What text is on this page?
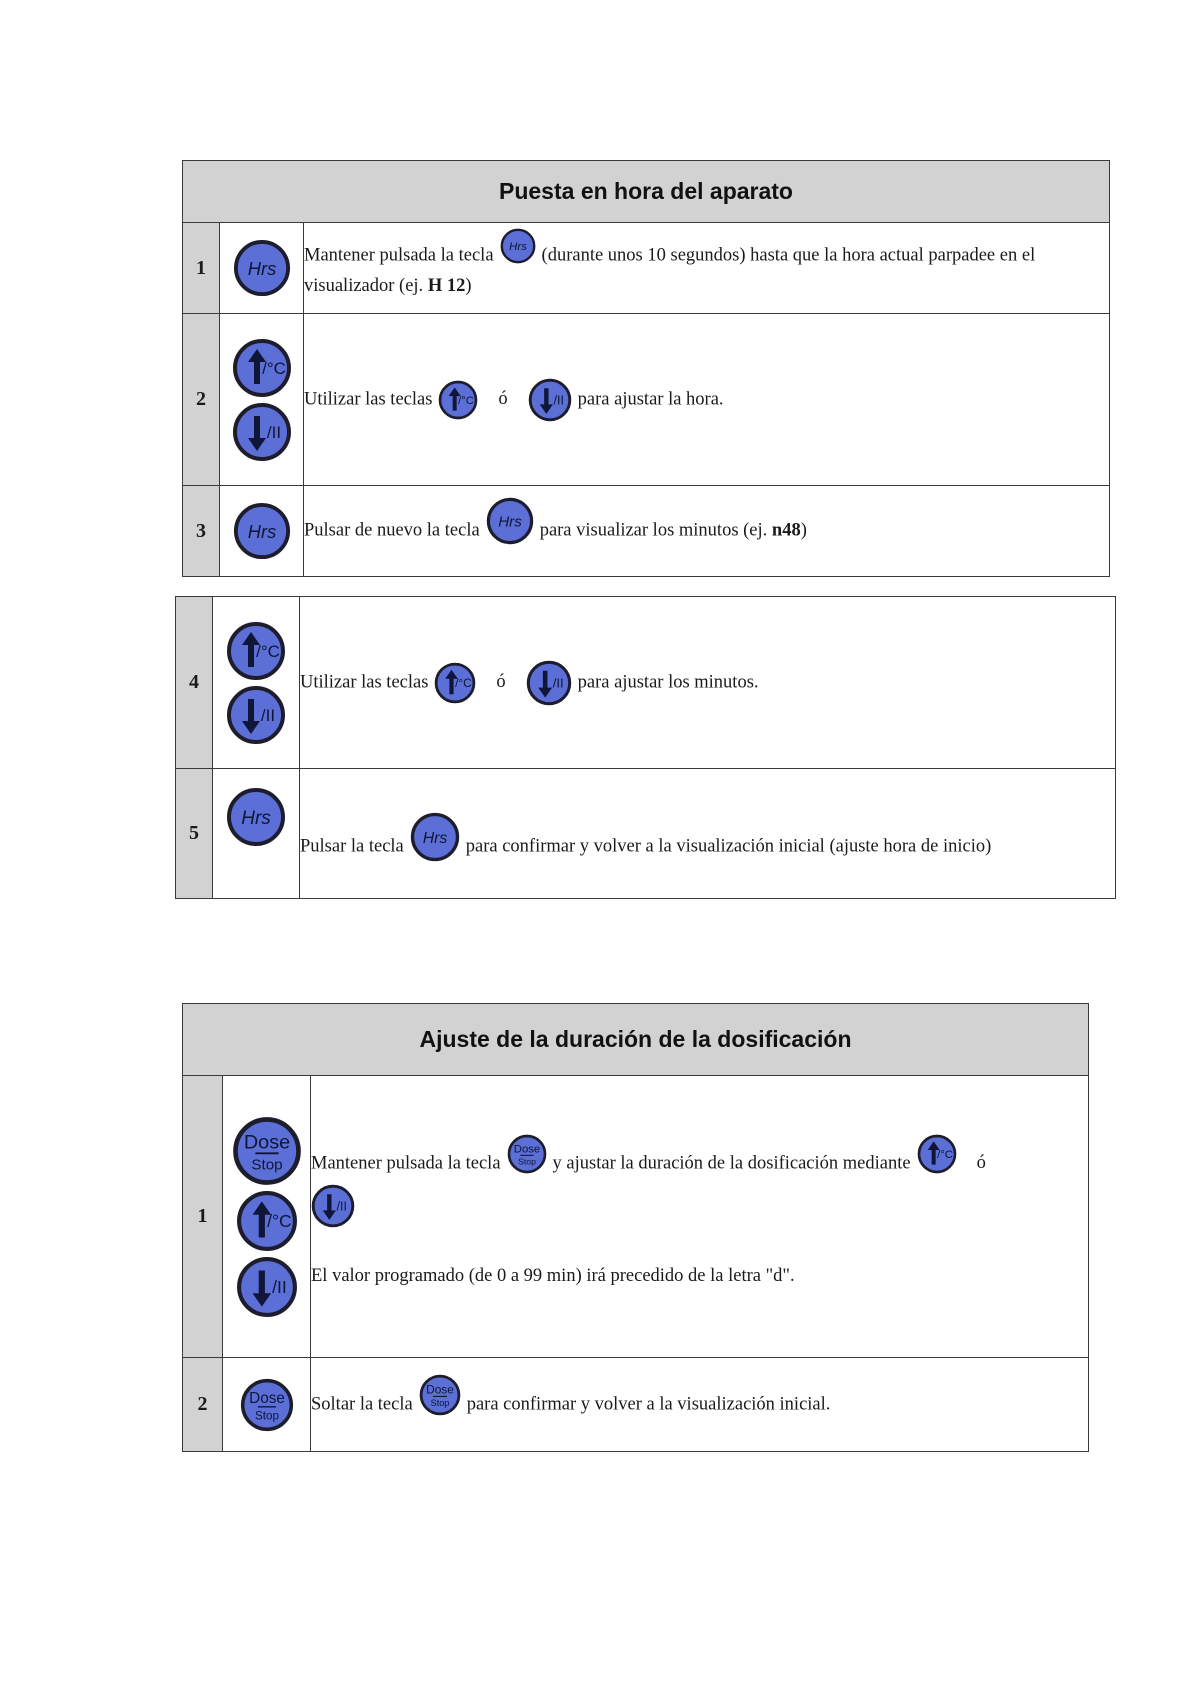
Puesta en hora del aparato		
1		Mantener pulsada la tecla (durante unos 10 segundos) hasta que la hora actual parpadee en el visualizador (ej. H 12)
2		Utilizar las teclas ó para ajustar la hora.
3		Pulsar de nuevo la tecla para visualizar los minutos (ej. n48)
4		Utilizar las teclas ó para ajustar los minutos.
5		Pulsar la tecla para confirmar y volver a la visualización inicial (ajuste hora de inicio)
Ajuste de la duración de la dosificación		
1		Mantener pulsada la tecla y ajustar la duración de la dosificación mediante ó

El valor programado (de 0 a 99 min) irá precedido de la letra "d".

2		Soltar la tecla para confirmar y volver a la visualización inicial.
